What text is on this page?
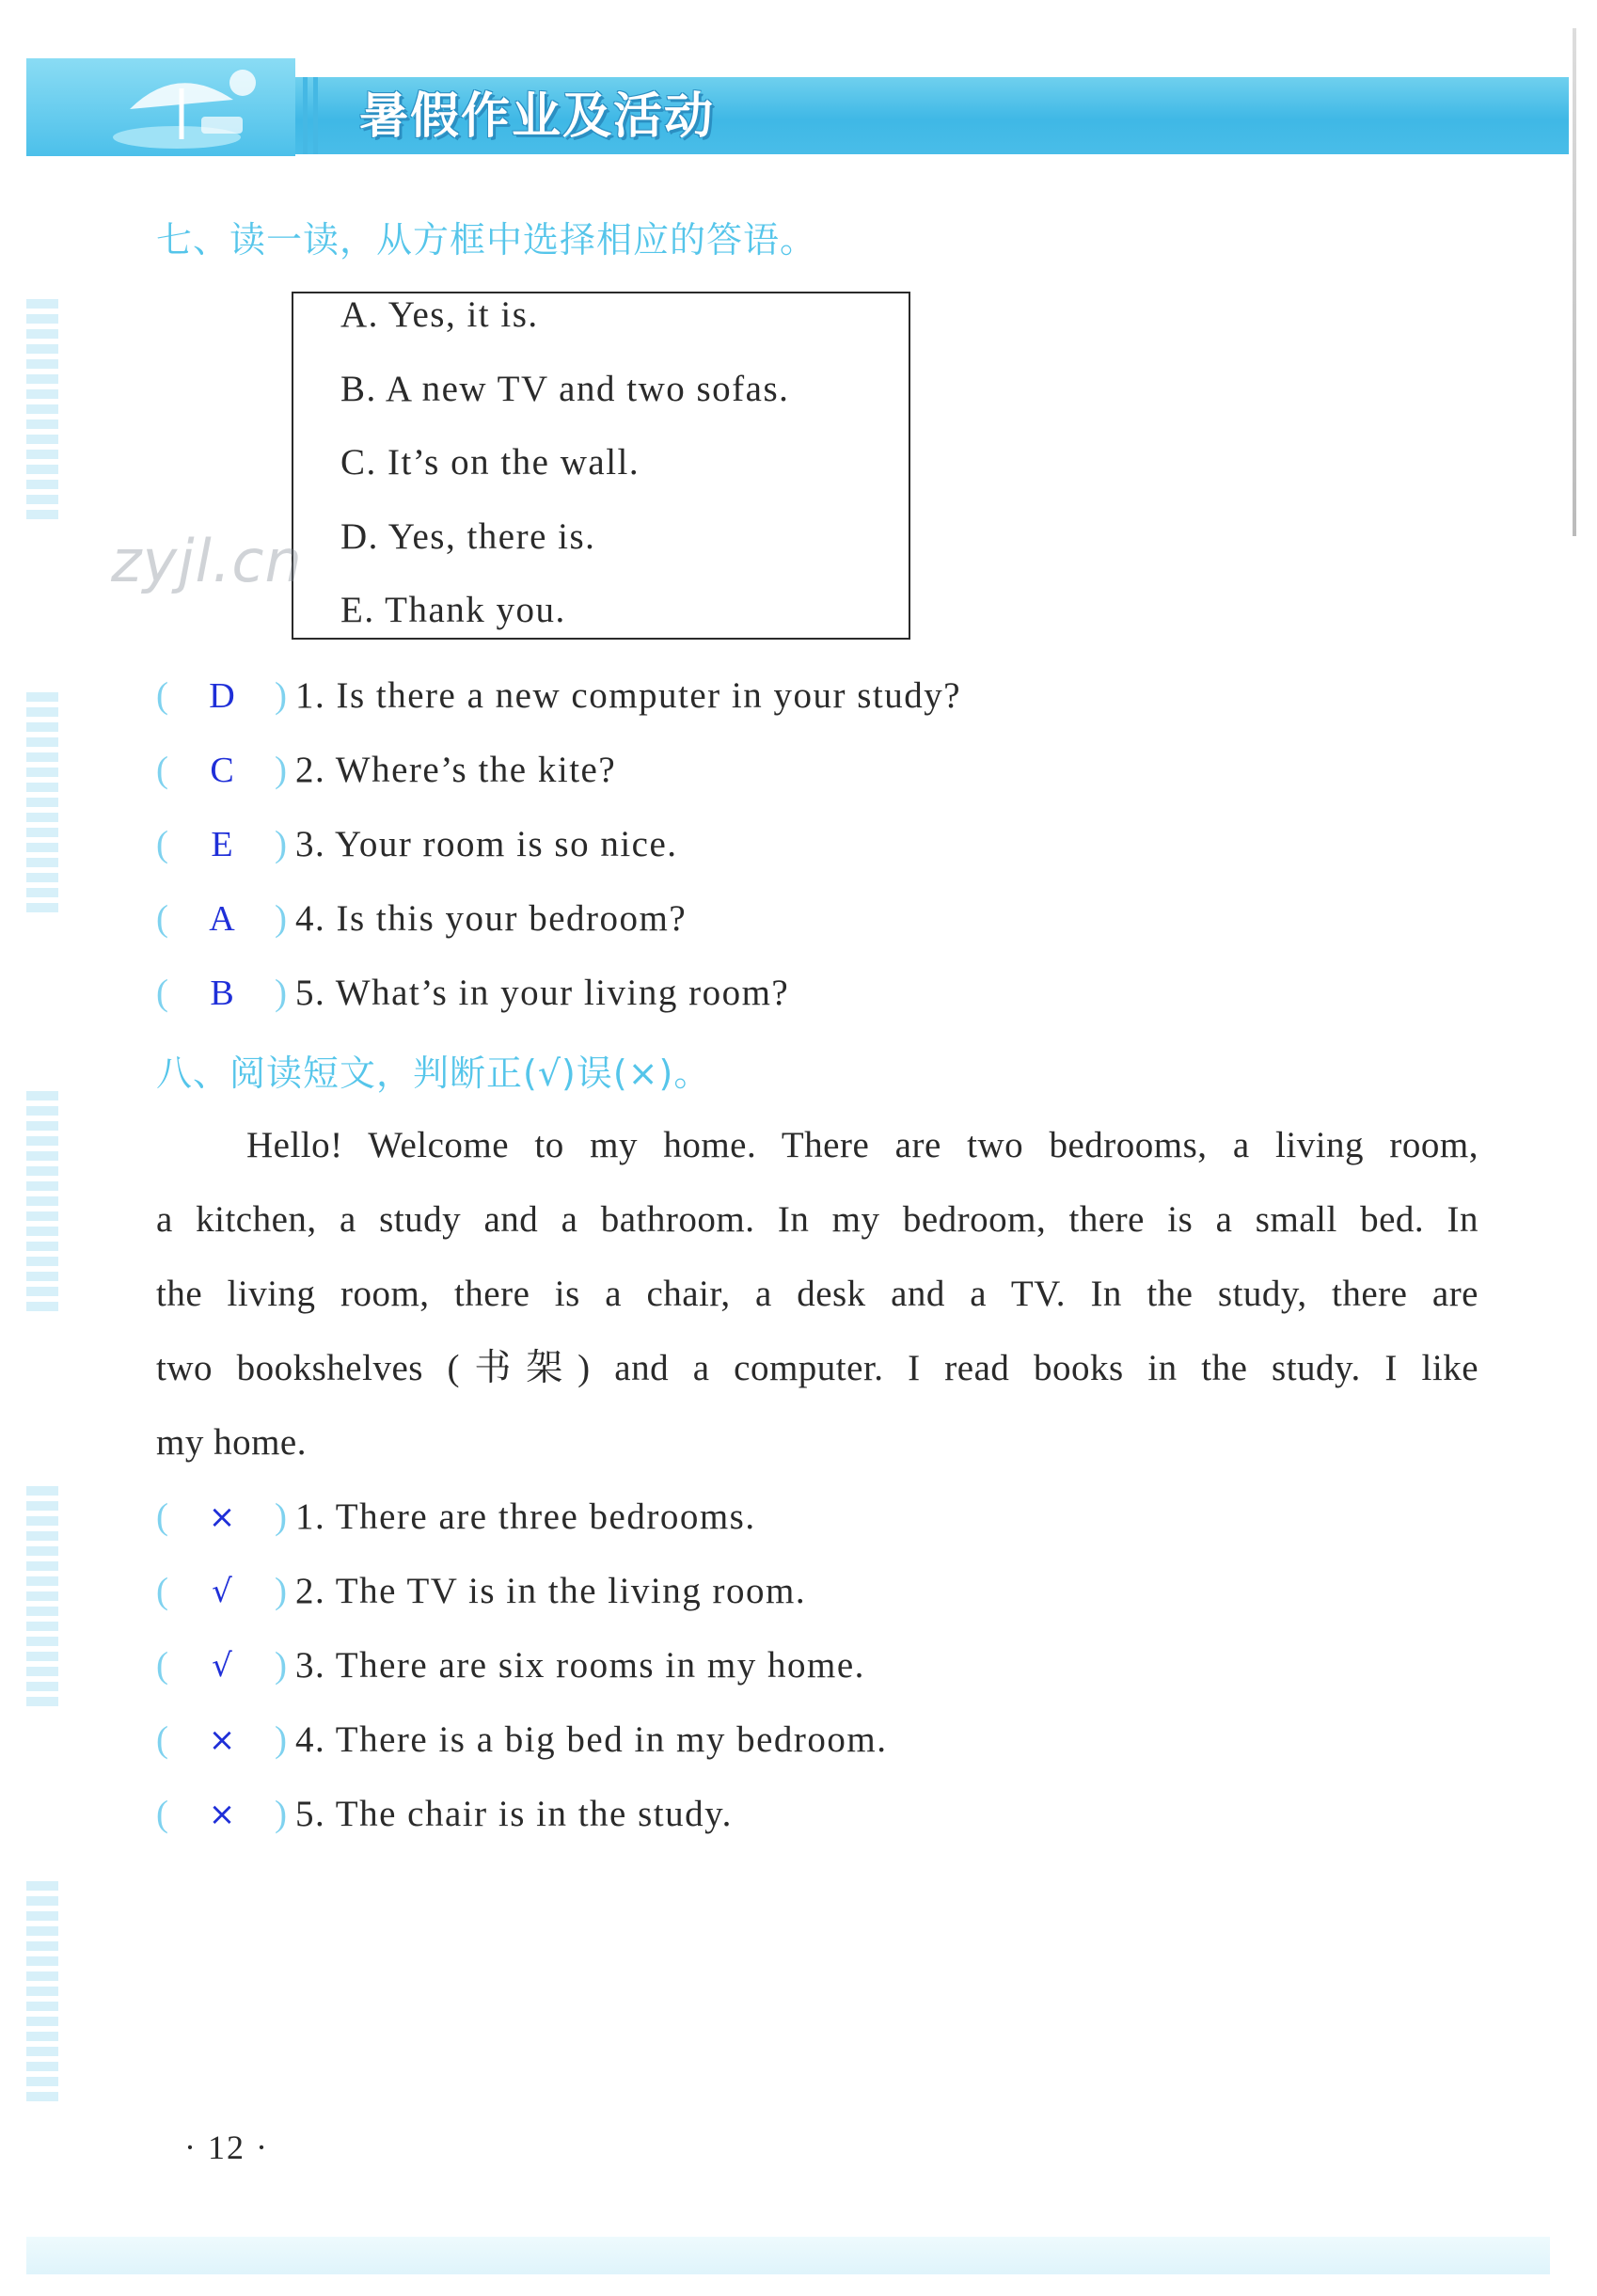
暑假作业及活动
七、读一读，从方框中选择相应的答语。
A. Yes, it is.
B. A new TV and two sofas.
C. It’s on the wall.
D. Yes, there is.
E. Thank you.
zyjl.cn
(	D	) 1. Is there a new computer in your study?
(	C	) 2. Where’s the kite?
(	E	) 3. Your room is so nice.
(	A	) 4. Is this your bedroom?
(	B	) 5. What’s in your living room?
八、阅读短文，判断正(√)误(×)。
Hello! Welcome to my home. There are two bedrooms, a living room,
a kitchen, a study and a bathroom. In my bedroom, there is a small bed. In
the living room, there is a chair, a desk and a TV. In the study, there are
two bookshelves (书架) and a computer. I read books in the study. I like
my home.
(	×	) 1. There are three bedrooms.
(	√	) 2. The TV is in the living room.
(	√	) 3. There are six rooms in my home.
(	×	) 4. There is a big bed in my bedroom.
(	×	) 5. The chair is in the study.
· 12 ·
